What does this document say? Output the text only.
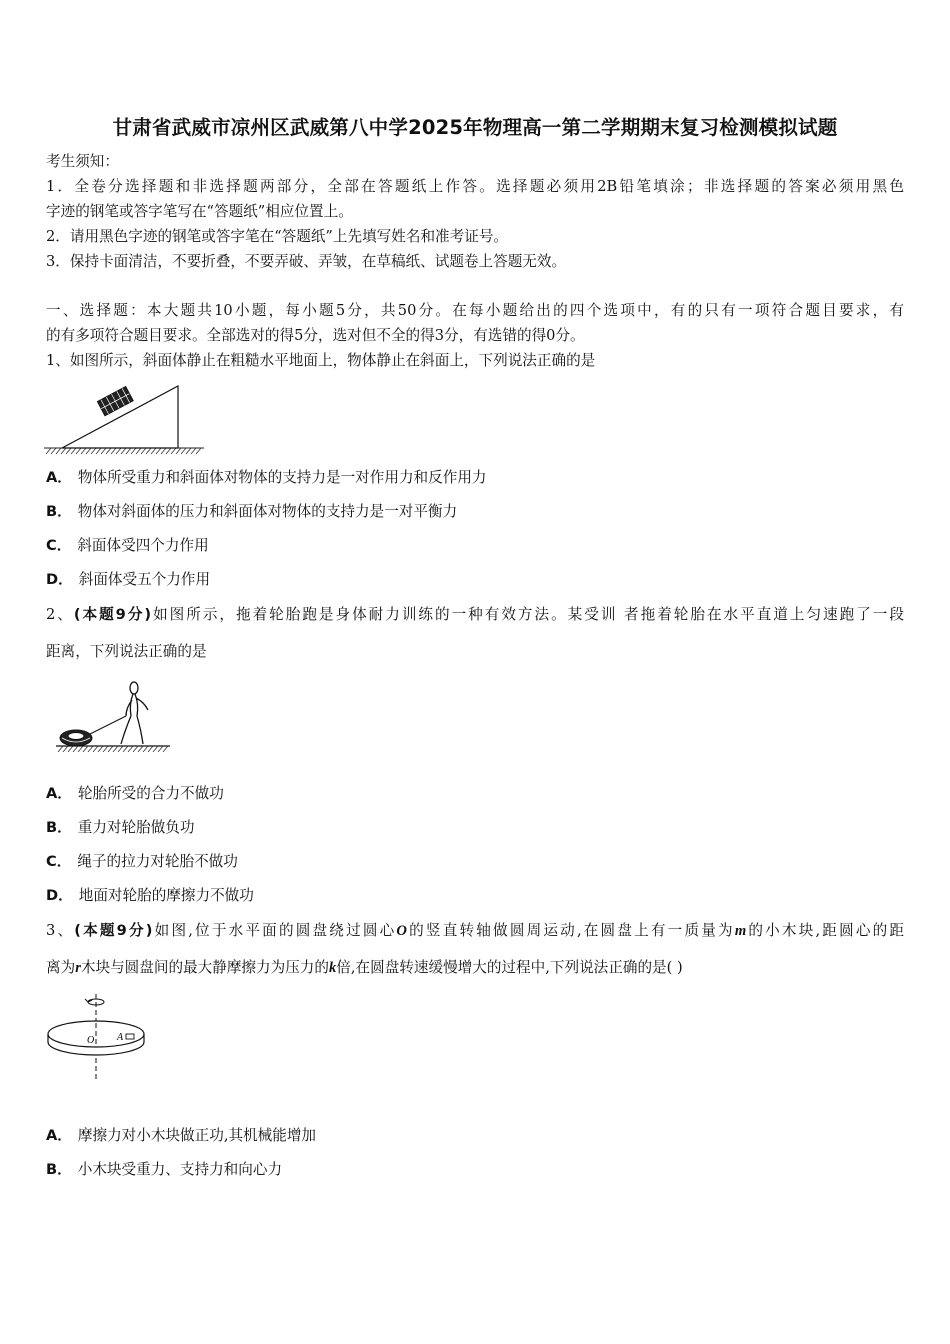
甘肃省武威市凉州区武威第八中学2025年物理高一第二学期期末复习检测模拟试题
考生须知：
1．全卷分选择题和非选择题两部分，全部在答题纸上作答。选择题必须用2B铅笔填涂；非选择题的答案必须用黑色
字迹的钢笔或答字笔写在“答题纸”相应位置上。
2．请用黑色字迹的钢笔或答字笔在“答题纸”上先填写姓名和准考证号。
3．保持卡面清洁，不要折叠，不要弄破、弄皱，在草稿纸、试题卷上答题无效。
一、选择题：本大题共10小题，每小题5分，共50分。在每小题给出的四个选项中，有的只有一项符合题目要求，有
的有多项符合题目要求。全部选对的得5分，选对但不全的得3分，有选错的得0分。
1、如图所示，斜面体静止在粗糙水平地面上，物体静止在斜面上，下列说法正确的是
A． 物体所受重力和斜面体对物体的支持力是一对作用力和反作用力
B． 物体对斜面体的压力和斜面体对物体的支持力是一对平衡力
C． 斜面体受四个力作用
D． 斜面体受五个力作用
2、(本题9分)如图所示，拖着轮胎跑是身体耐力训练的一种有效方法。某受训 者拖着轮胎在水平直道上匀速跑了一段
距离，下列说法正确的是
A． 轮胎所受的合力不做功
B． 重力对轮胎做负功
C． 绳子的拉力对轮胎不做功
D． 地面对轮胎的摩擦力不做功
3、(本题9分)如图,位于水平面的圆盘绕过圆心O的竖直转轴做圆周运动,在圆盘上有一质量为m的小木块,距圆心的距
离为r木块与圆盘间的最大静摩擦力为压力的k倍,在圆盘转速缓慢增大的过程中,下列说法正确的是( )
O A
A． 摩擦力对小木块做正功,其机械能增加
B． 小木块受重力、支持力和向心力
